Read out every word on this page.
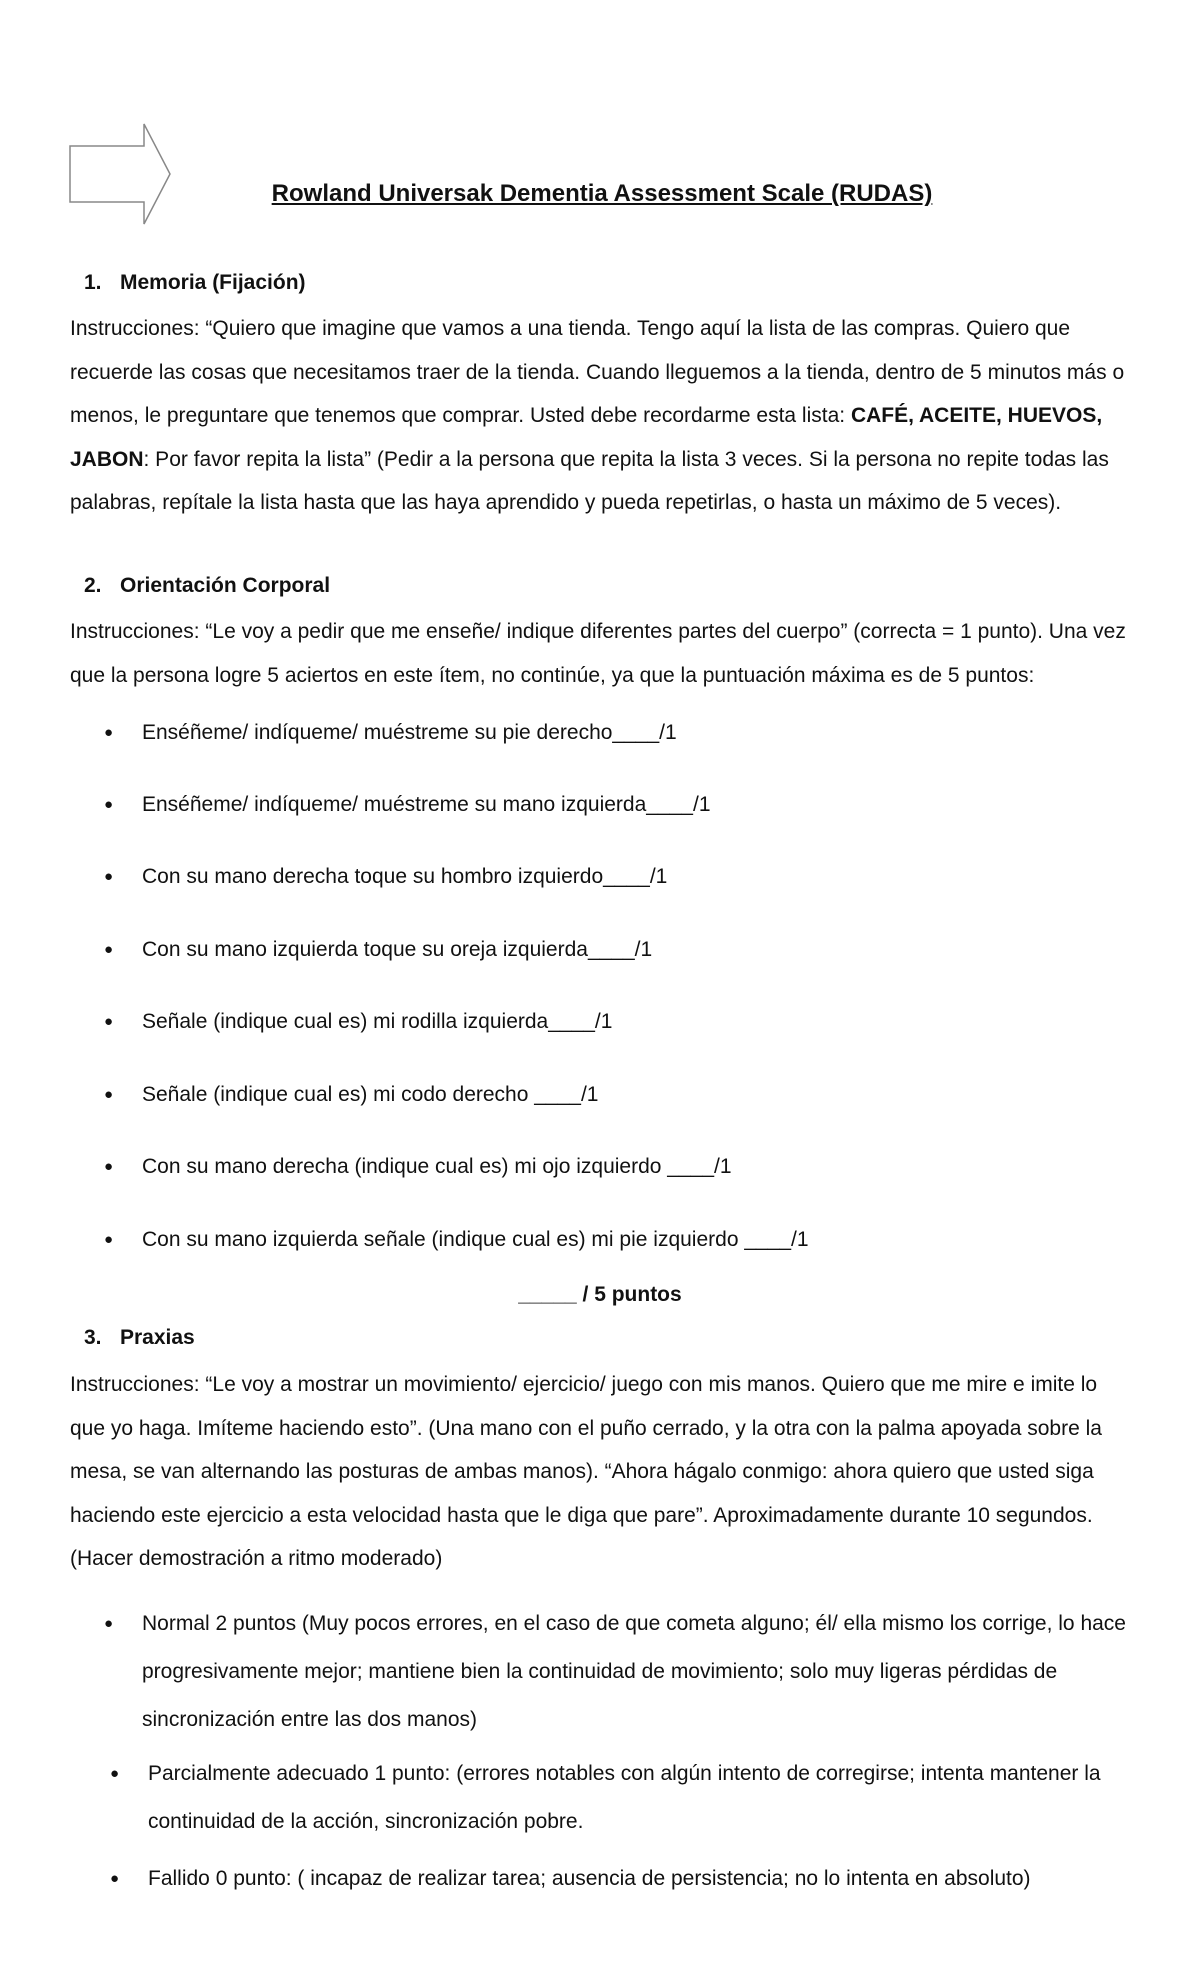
Rowland Universak Dementia Assessment Scale (RUDAS)
1. Memoria (Fijación)

Instrucciones: “Quiero que imagine que vamos a una tienda. Tengo aquí la lista de las compras. Quiero que recuerde las cosas que necesitamos traer de la tienda. Cuando lleguemos a la tienda, dentro de 5 minutos más o menos, le preguntare que tenemos que comprar. Usted debe recordarme esta lista: CAFÉ, ACEITE, HUEVOS, JABON: Por favor repita la lista” (Pedir a la persona que repita la lista 3 veces. Si la persona no repite todas las palabras, repítale la lista hasta que las haya aprendido y pueda repetirlas, o hasta un máximo de 5 veces).

2. Orientación Corporal

Instrucciones: “Le voy a pedir que me enseñe/ indique diferentes partes del cuerpo” (correcta = 1 punto). Una vez que la persona logre 5 aciertos en este ítem, no continúe, ya que la puntuación máxima es de 5 puntos:

● Enséñeme/ indíqueme/ muéstreme su pie derecho____/1
● Enséñeme/ indíqueme/ muéstreme su mano izquierda____/1
● Con su mano derecha toque su hombro izquierdo____/1
● Con su mano izquierda toque su oreja izquierda____/1
● Señale (indique cual es) mi rodilla izquierda____/1
● Señale (indique cual es) mi codo derecho ____/1
● Con su mano derecha (indique cual es) mi ojo izquierdo ____/1
● Con su mano izquierda señale (indique cual es) mi pie izquierdo ____/1
_____ / 5 puntos
3. Praxias

Instrucciones: “Le voy a mostrar un movimiento/ ejercicio/ juego con mis manos. Quiero que me mire e imite lo que yo haga. Imíteme haciendo esto”. (Una mano con el puño cerrado, y la otra con la palma apoyada sobre la mesa, se van alternando las posturas de ambas manos). “Ahora hágalo conmigo: ahora quiero que usted siga haciendo este ejercicio a esta velocidad hasta que le diga que pare”. Aproximadamente durante 10 segundos. (Hacer demostración a ritmo moderado)

● Normal 2 puntos (Muy pocos errores, en el caso de que cometa alguno; él/ ella mismo los corrige, lo hace progresivamente mejor; mantiene bien la continuidad de movimiento; solo muy ligeras pérdidas de sincronización entre las dos manos)
● Parcialmente adecuado 1 punto: (errores notables con algún intento de corregirse; intenta mantener la continuidad de la acción, sincronización pobre.
● Fallido 0 punto: ( incapaz de realizar tarea; ausencia de persistencia; no lo intenta en absoluto)
